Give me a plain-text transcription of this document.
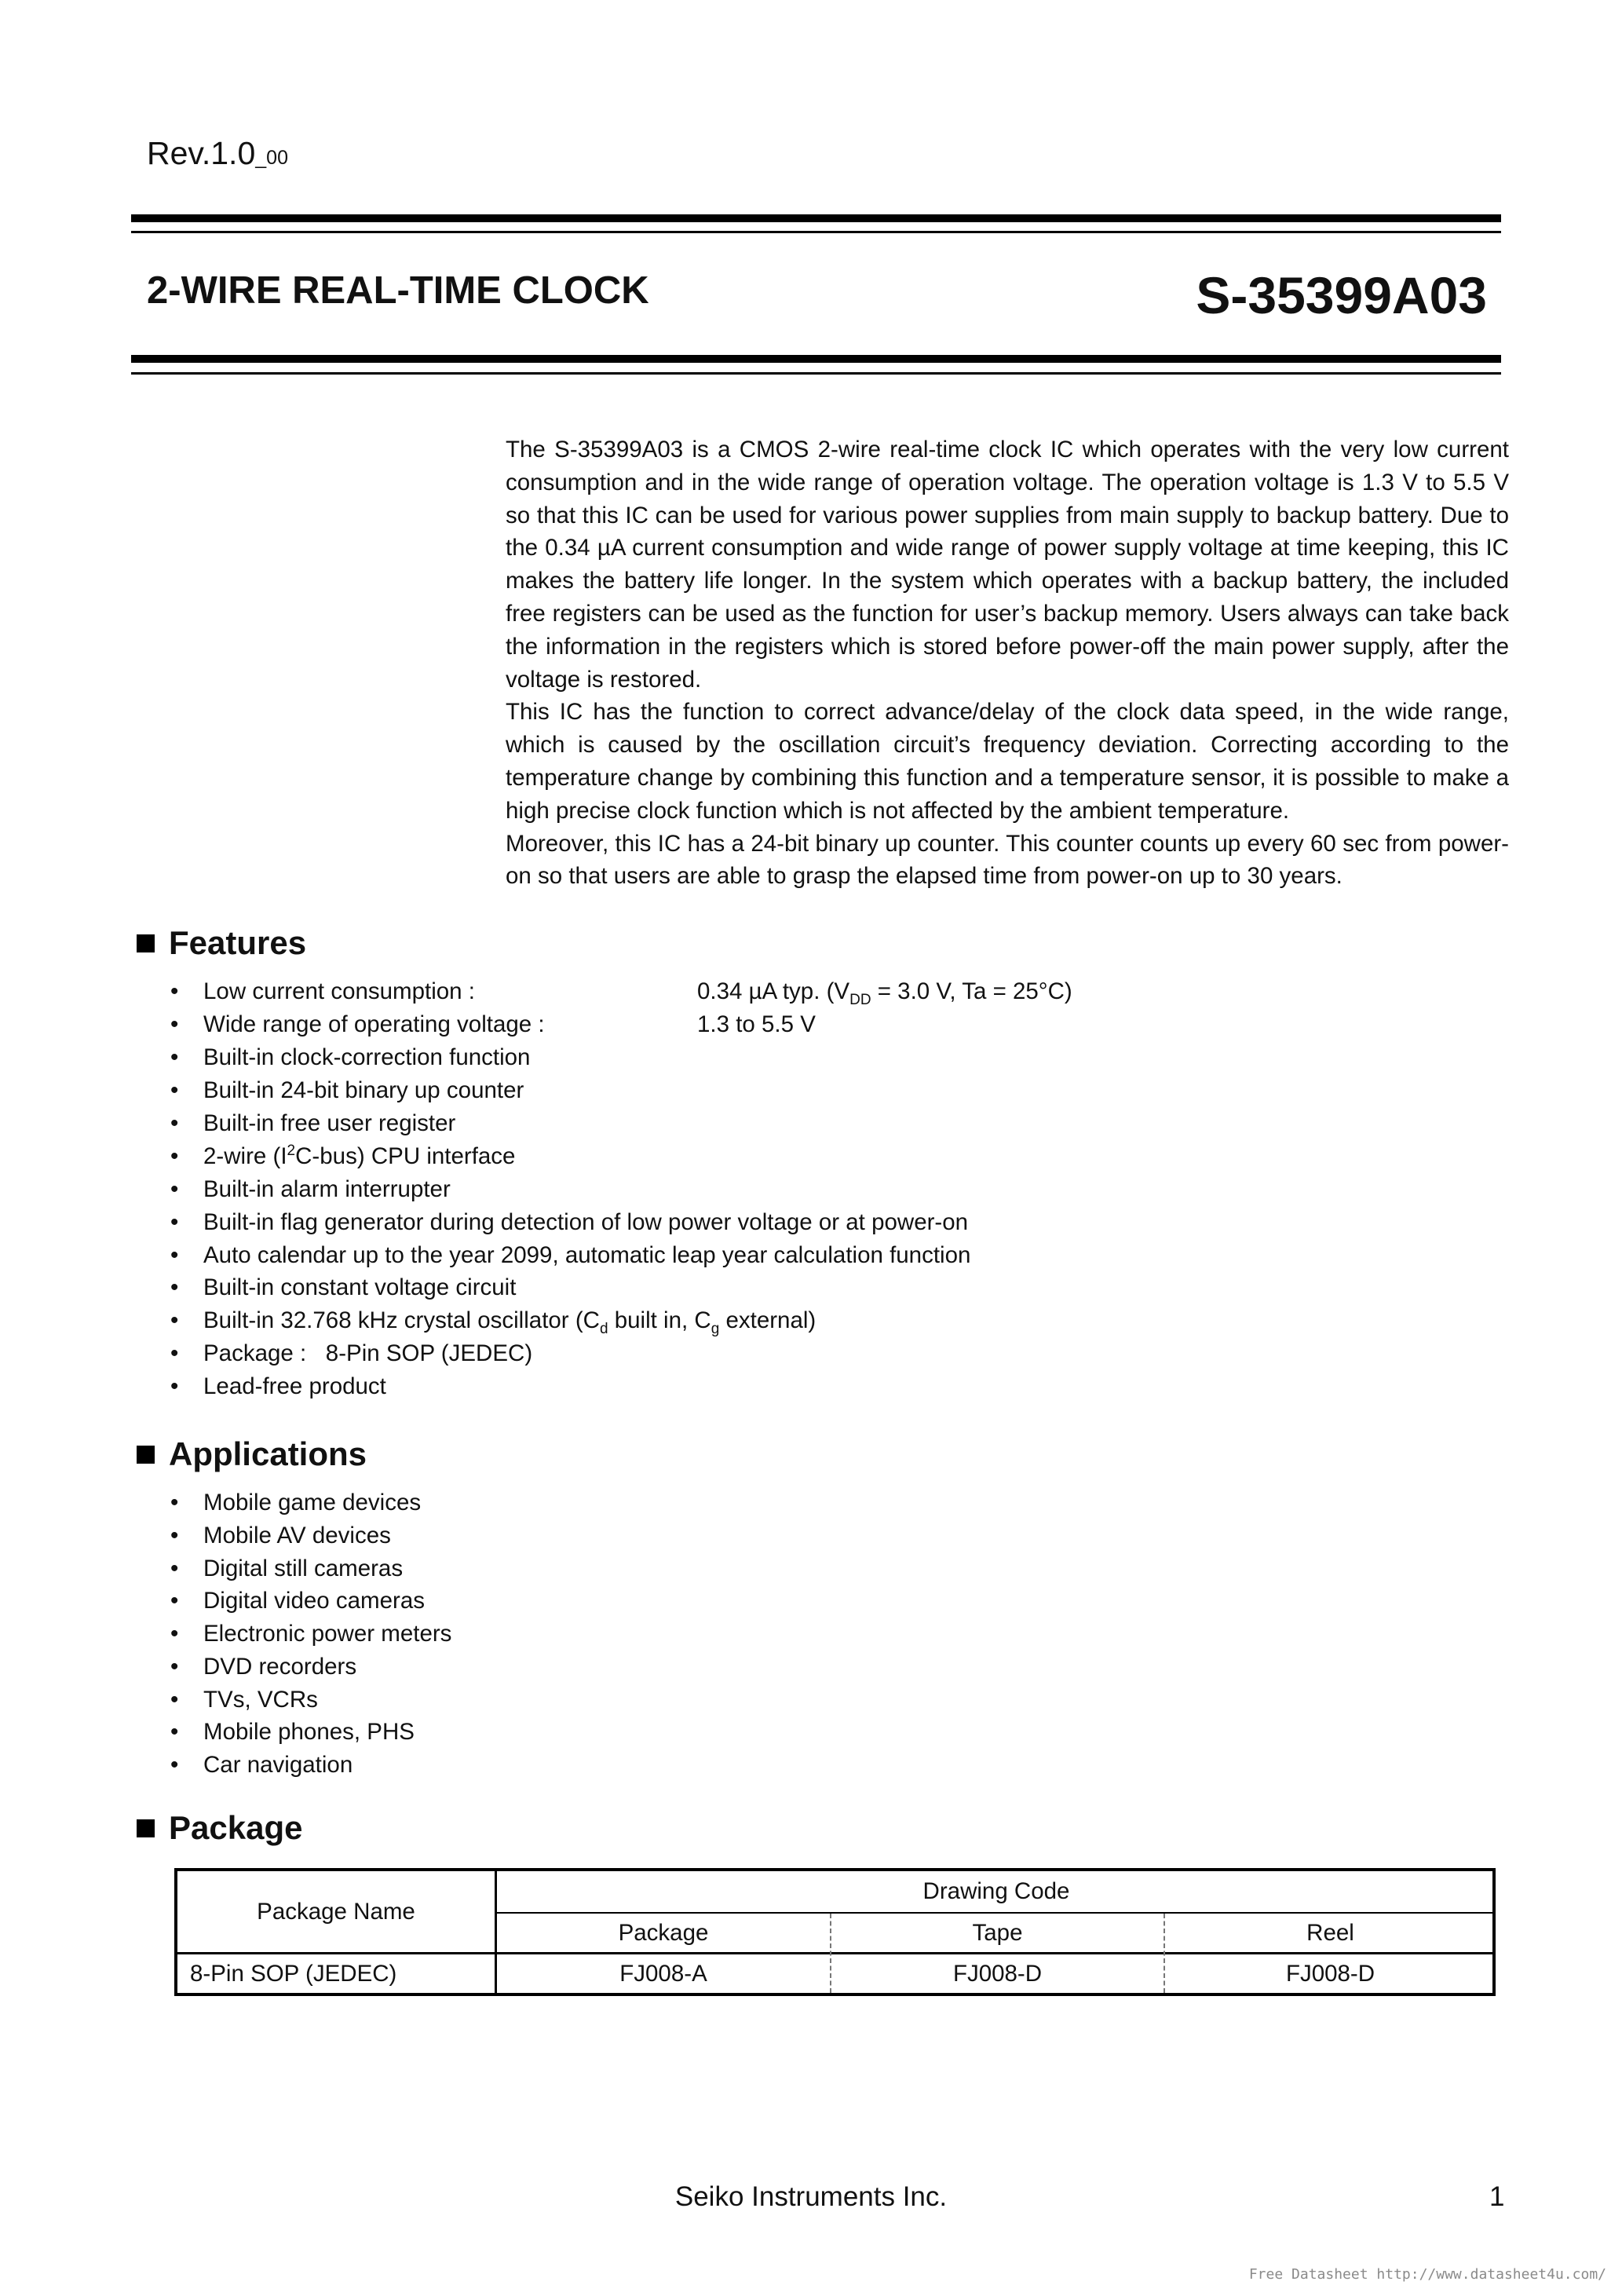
Rev.1.0_00
2-WIRE REAL-TIME CLOCK	S-35399A03

The S-35399A03 is a CMOS 2-wire real-time clock IC which operates with the very low current consumption and in the wide range of operation voltage. The operation voltage is 1.3 V to 5.5 V so that this IC can be used for various power supplies from main supply to backup battery. Due to the 0.34 µA current consumption and wide range of power supply voltage at time keeping, this IC makes the battery life longer. In the system which operates with a backup battery, the included free registers can be used as the function for user’s backup memory. Users always can take back the information in the registers which is stored before power-off the main power supply, after the voltage is restored.

This IC has the function to correct advance/delay of the clock data speed, in the wide range, which is caused by the oscillation circuit’s frequency deviation. Correcting according to the temperature change by combining this function and a temperature sensor, it is possible to make a high precise clock function which is not affected by the ambient temperature.

Moreover, this IC has a 24-bit binary up counter. This counter counts up every 60 sec from power-on so that users are able to grasp the elapsed time from power-on up to 30 years.

Features
• Low current consumption :	0.34 µA typ. ($V_{DD} = 3.0$ V, Ta = 25°C)
• Wide range of operating voltage :	1.3 to 5.5 V
• Built-in clock-correction function
• Built-in 24-bit binary up counter
• Built-in free user register
• 2-wire $(I^2C-bus)$ CPU interface
• Built-in alarm interrupter
• Built-in flag generator during detection of low power voltage or at power-on
• Auto calendar up to the year 2099, automatic leap year calculation function
• Built-in constant voltage circuit
• Built-in 32.768 kHz crystal oscillator ($C_d$ built in, $C_g$ external)
• Package :   8-Pin SOP (JEDEC)
• Lead-free product
Applications
• Mobile game devices
• Mobile AV devices
• Digital still cameras
• Digital video cameras
• Electronic power meters
• DVD recorders
• TVs, VCRs
• Mobile phones, PHS
• Car navigation
Package
Package Name
Drawing Code
Package	Tape	Reel
8-Pin SOP (JEDEC)	FJ008-A	FJ008-D	FJ008-D
Seiko Instruments Inc.	1
Free Datasheet http://www.datasheet4u.com/
